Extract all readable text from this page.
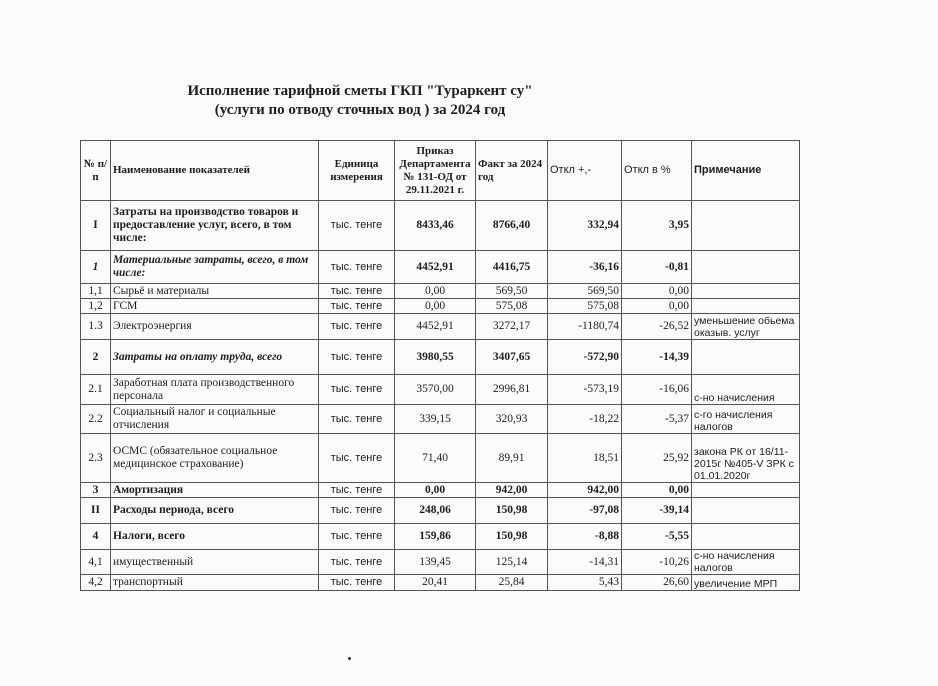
Исполнение тарифной сметы ГКП "Тураркент су"
(услуги по отводу сточных вод ) за 2024 год
№ п/п	Наименование показателей	Единица измерения	Приказ Департамента № 131-ОД от 29.11.2021 г.	Факт за 2024 год	Откл +,-	Откл в %	Примечание
I	Затраты на производство товаров и предоставление услуг, всего, в том числе:	тыс. тенге	8433,46	8766,40	332,94	3,95	
1	Материальные затраты, всего, в том числе:	тыс. тенге	4452,91	4416,75	-36,16	-0,81	
1,1	Сырьё и материалы	тыс. тенге	0,00	569,50	569,50	0,00	
1,2	ГСМ	тыс. тенге	0,00	575,08	575,08	0,00	
1.3	Электроэнергия	тыс. тенге	4452,91	3272,17	-1180,74	-26,52	уменьшение обьема оказыв. услуг
2	Затраты на оплату труда, всего	тыс. тенге	3980,55	3407,65	-572,90	-14,39	
2.1	Заработная плата производственного персонала	тыс. тенге	3570,00	2996,81	-573,19	-16,06	с-но начисления
2.2	Социальный налог и социальные отчисления	тыс. тенге	339,15	320,93	-18,22	-5,37	с-го начисления налогов
2.3	ОСМС (обязательное социальное медицинское страхование)	тыс. тенге	71,40	89,91	18,51	25,92	закона РК от 16/11-2015г №405-V ЗРК с 01.01.2020г
3	Амортизация	тыс. тенге	0,00	942,00	942,00	0,00	
II	Расходы периода, всего	тыс. тенге	248,06	150,98	-97,08	-39,14	
4	Налоги, всего	тыс. тенге	159,86	150,98	-8,88	-5,55	
4,1	имущественный	тыс. тенге	139,45	125,14	-14,31	-10,26	с-но начисления налогов
4,2	транспортный	тыс. тенге	20,41	25,84	5,43	26,60	увеличение МРП
